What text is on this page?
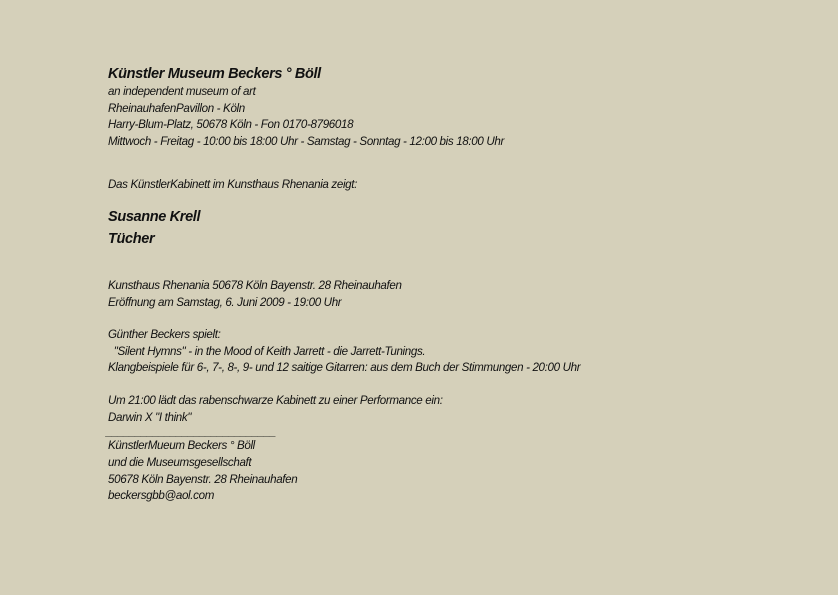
Künstler Museum Beckers ° Böll
an independent museum of art
RheinauhafenPavillon - Köln
Harry-Blum-Platz, 50678 Köln - Fon 0170-8796018
Mittwoch - Freitag - 10:00 bis 18:00 Uhr - Samstag - Sonntag - 12:00 bis 18:00 Uhr
Das KünstlerKabinett im Kunsthaus Rhenania zeigt:
Susanne Krell
Tücher
Kunsthaus Rhenania 50678 Köln Bayenstr. 28 Rheinauhafen
Eröffnung am Samstag, 6. Juni 2009 - 19:00 Uhr
Günther Beckers spielt:
"Silent Hymns" - in the Mood of Keith Jarrett - die Jarrett-Tunings.
Klangbeispiele für 6-, 7-, 8-, 9- und 12 saitige Gitarren: aus dem Buch der Stimmungen - 20:00 Uhr
Um 21:00 lädt das rabenschwarze Kabinett zu einer Performance ein:
Darwin X "I think"
_____________________________
KünstlerMueum Beckers ° Böll
und die Museumsgesellschaft
50678 Köln Bayenstr. 28 Rheinauhafen
beckersgbb@aol.com
